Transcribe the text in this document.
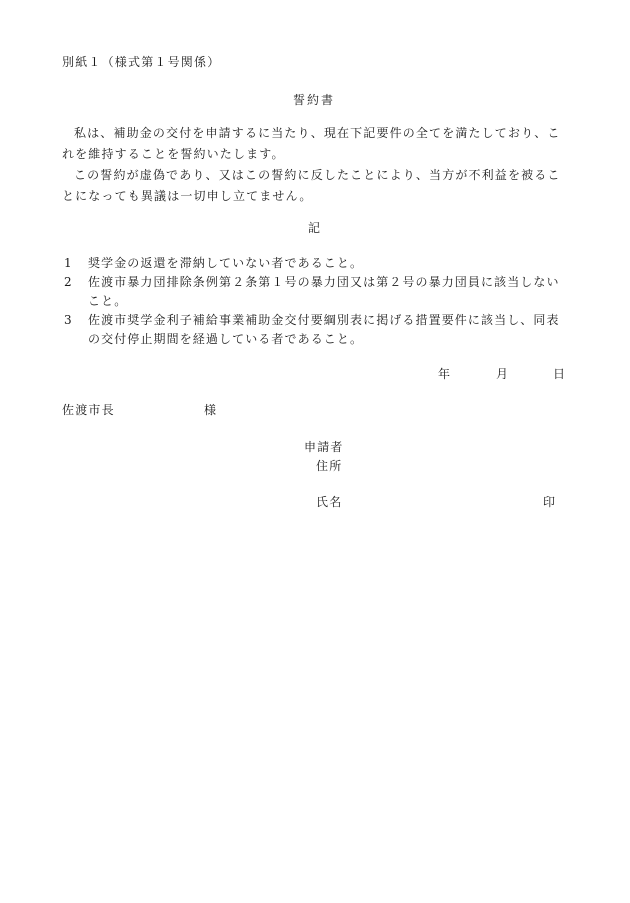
別紙１（様式第１号関係）
誓約書

私は、補助金の交付を申請するに当たり、現在下記要件の全てを満たしており、これを維持することを誓約いたします。

この誓約が虚偽であり、又はこの誓約に反したことにより、当方が不利益を被ることになっても異議は一切申し立てません。

記
1 奨学金の返還を滞納していない者であること。
2 佐渡市暴力団排除条例第２条第１号の暴力団又は第２号の暴力団員に該当しないこと。
3 佐渡市奨学金利子補給事業補助金交付要綱別表に掲げる措置要件に該当し、同表の交付停止期間を経過している者であること。
年	月	日
佐渡市長	様
申請者
住所
氏名	印
